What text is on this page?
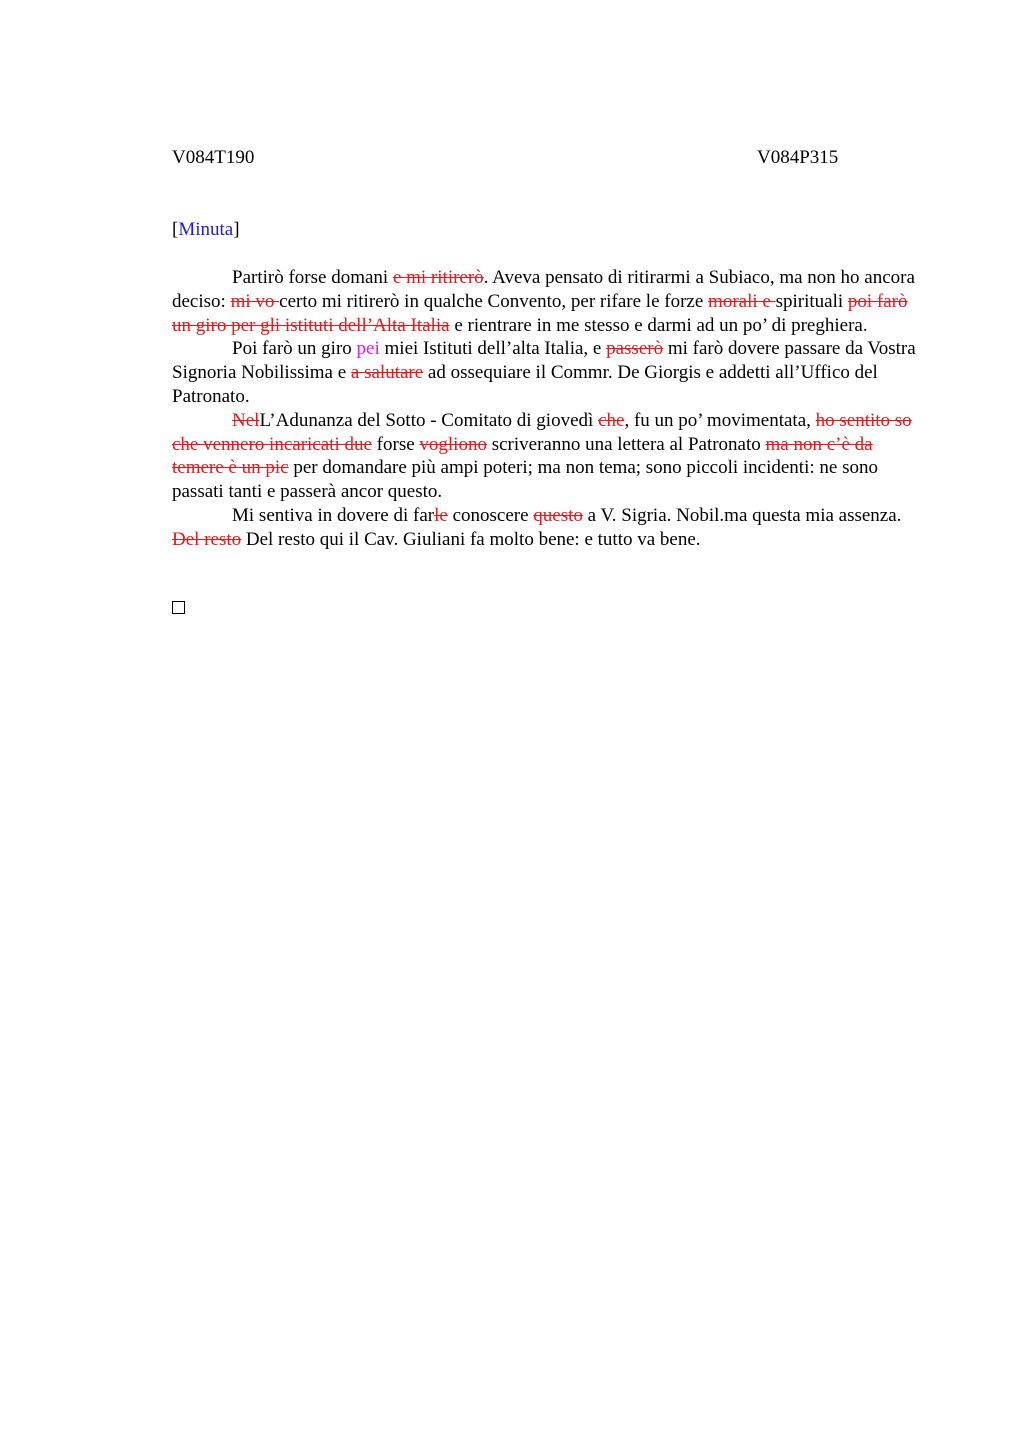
V084T190	V084P315
[Minuta]

Partirò forse domani e mi ritirerò. Aveva pensato di ritirarmi a Subiaco, ma non ho ancora deciso: mi vo certo mi ritirerò in qualche Convento, per rifare le forze morali e spirituali poi farò un giro per gli istituti dell’Alta Italia e rientrare in me stesso e darmi ad un po’ di preghiera.

Poi farò un giro pei miei Istituti dell’alta Italia, e passerò mi farò dovere passare da Vostra Signoria Nobilissima e a salutare ad ossequiare il Commr. De Giorgis e addetti all’Uffico del Patronato.

NelL’Adunanza del Sotto - Comitato di giovedì che, fu un po’ movimentata, ho sentito so che vennero incaricati due forse vogliono scriveranno una lettera al Patronato ma non c’è da temere è un pic per domandare più ampi poteri; ma non tema; sono piccoli incidenti: ne sono passati tanti e passerà ancor questo.

Mi sentiva in dovere di farle conoscere questo a V. Sigria. Nobil.ma questa mia assenza. Del resto Del resto qui il Cav. Giuliani fa molto bene: e tutto va bene.
